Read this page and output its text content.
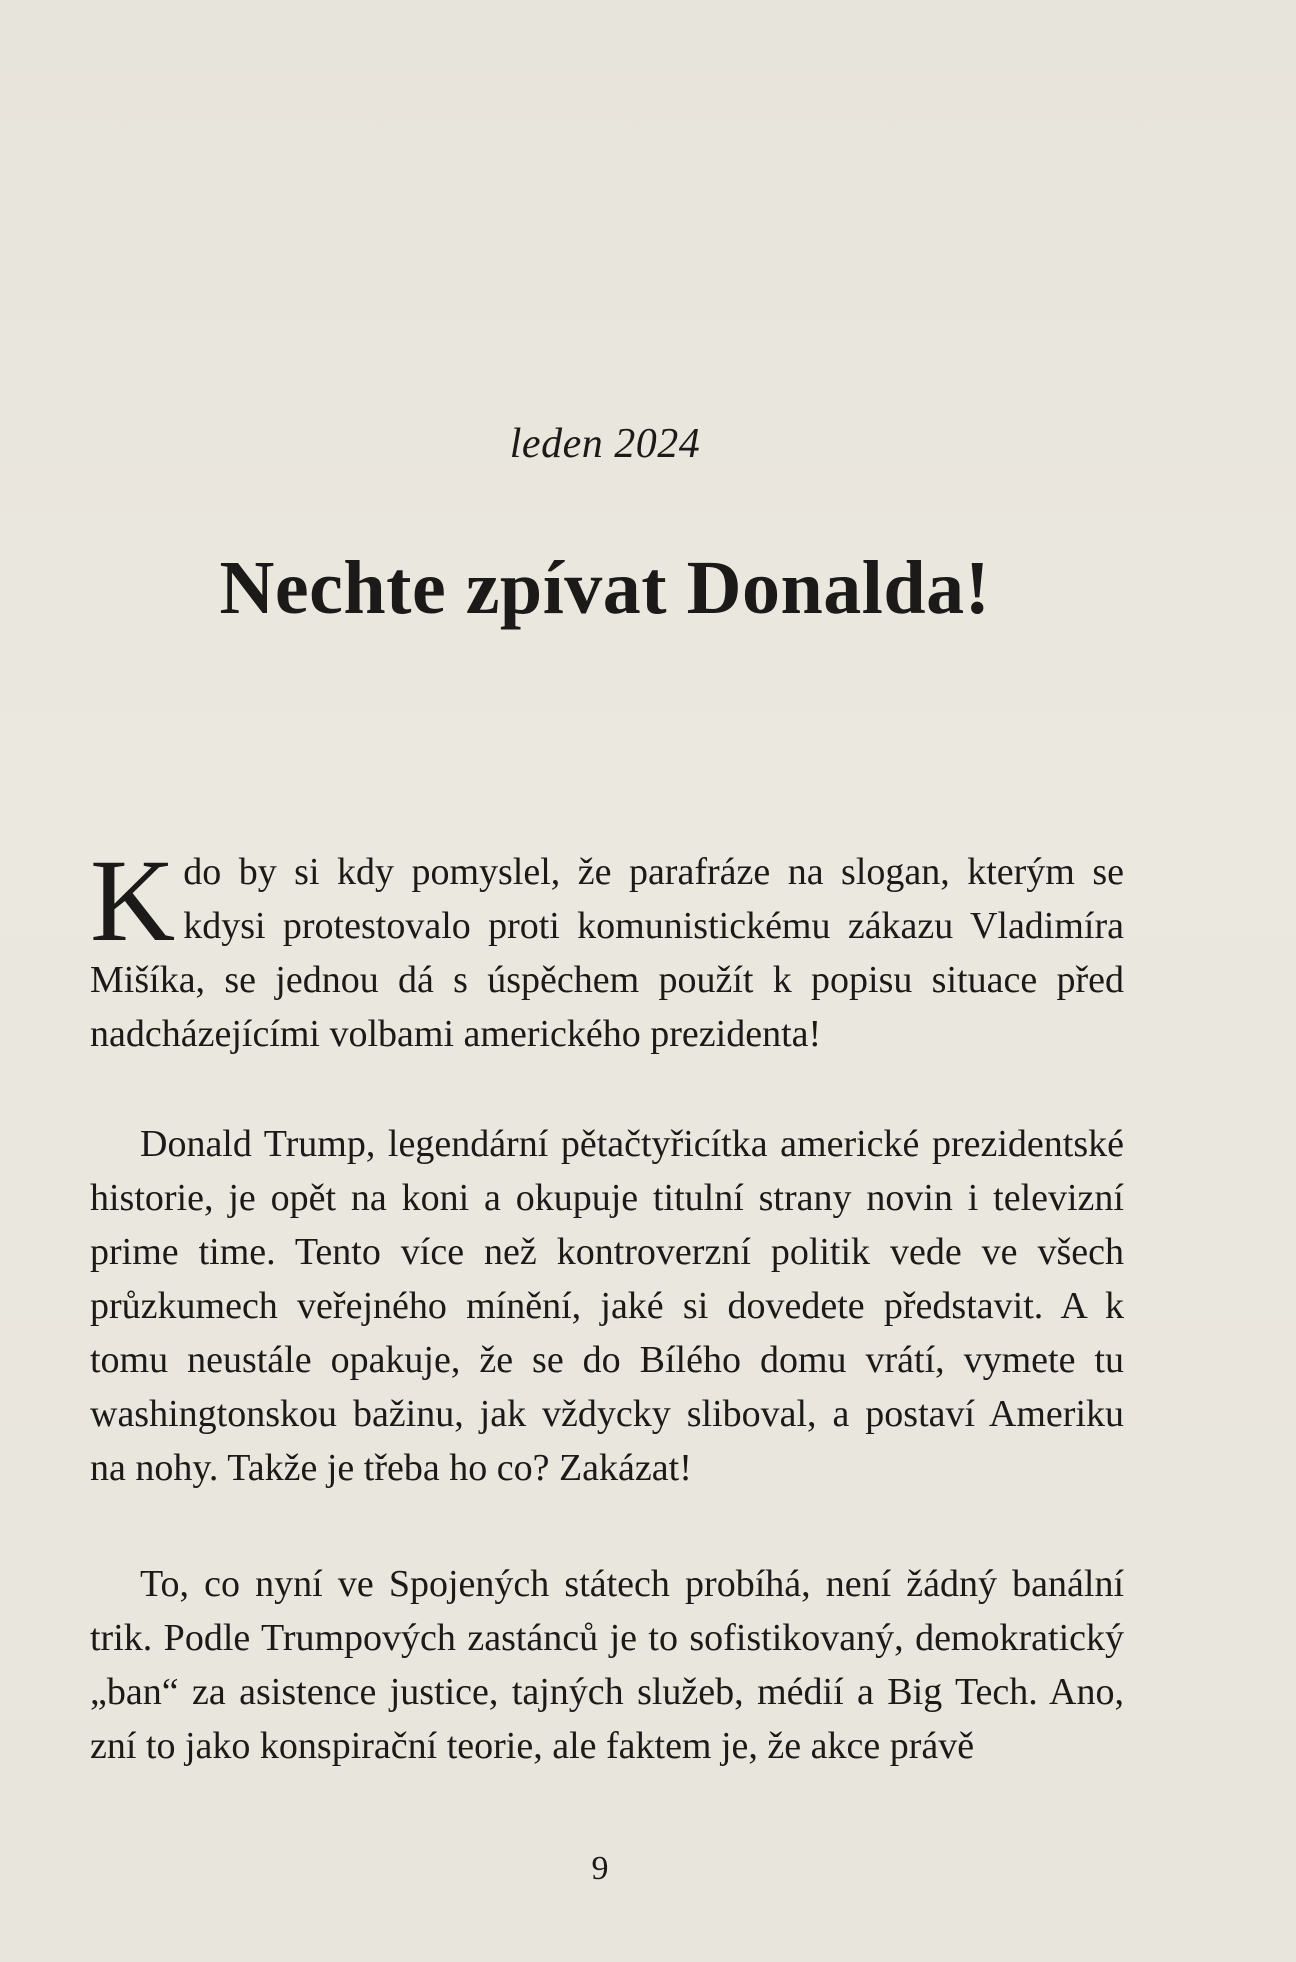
leden 2024
Nechte zpívat Donalda!

Kdo by si kdy pomyslel, že parafráze na slogan, kterým se kdysi protestovalo proti komunistickému zákazu Vladimíra Mišíka, se jednou dá s úspěchem použít k popisu situace před nadcházejícími volbami amerického prezidenta!

Donald Trump, legendární pětačtyřicítka americké prezidentské historie, je opět na koni a okupuje titulní strany novin i televizní prime time. Tento více než kontroverzní politik vede ve všech průzkumech veřejného mínění, jaké si dovedete představit. A k tomu neustále opakuje, že se do Bílého domu vrátí, vymete tu washingtonskou bažinu, jak vždycky sliboval, a postaví Ameriku na nohy. Takže je třeba ho co? Zakázat!

To, co nyní ve Spojených státech probíhá, není žádný banální trik. Podle Trumpových zastánců je to sofistikovaný, demokratický „ban“ za asistence justice, tajných služeb, médií a Big Tech. Ano, zní to jako konspirační teorie, ale faktem je, že akce právě

9
